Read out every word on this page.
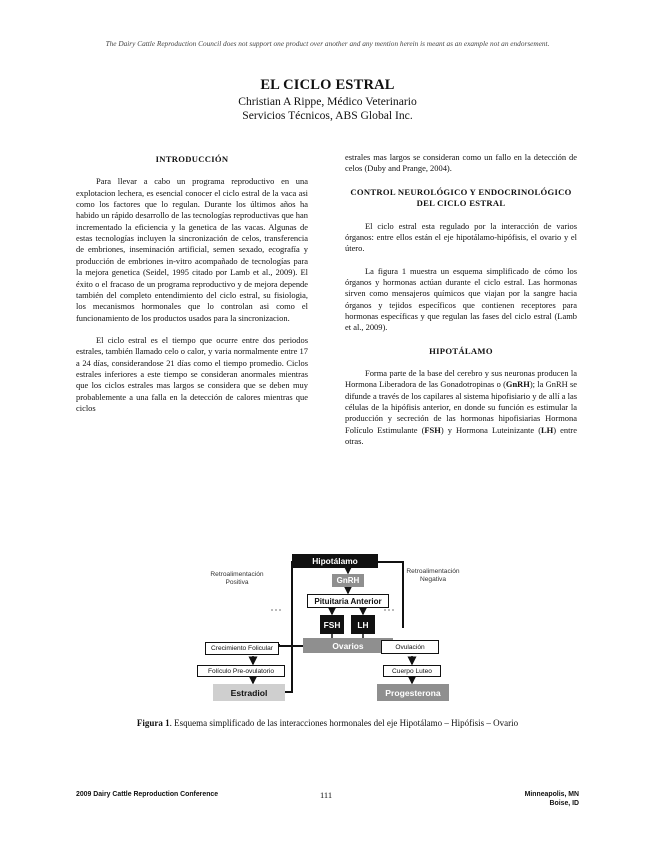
The Dairy Cattle Reproduction Council does not support one product over another and any mention herein is meant as an example not an endorsement.
EL CICLO ESTRAL
Christian A Rippe, Médico Veterinario
Servicios Técnicos, ABS Global Inc.
INTRODUCCIÓN

Para llevar a cabo un programa reproductivo en una explotacion lechera, es esencial conocer el ciclo estral de la vaca asi como los factores que lo regulan. Durante los últimos años ha habido un rápido desarrollo de las tecnologías reproductivas que han incrementado la eficiencia y la genetica de las vacas. Algunas de estas tecnologías incluyen la sincronización de celos, transferencia de embriones, inseminación artificial, semen sexado, ecografía y producción de embriones in-vitro acompañado de tecnologías para la mejora genetica (Seidel, 1995 citado por Lamb et al., 2009). El éxito o el fracaso de un programa reproductivo y de mejora depende también del completo entendimiento del ciclo estral, su fisiologia, los mecanismos hormonales que lo controlan asi como el funcionamiento de los productos usados para la sincronizacion.

El ciclo estral es el tiempo que ocurre entre dos periodos estrales, también llamado celo o calor, y varia normalmente entre 17 a 24 días, considerandose 21 días como el tiempo promedio. Ciclos estrales inferiores a este tiempo se consideran anormales mientras que los ciclos estrales mas largos se considera que se deben muy probablemente a una falla en la detección de calores mientras que ciclos

estrales mas largos se consideran como un fallo en la detección de celos (Duby and Prange, 2004).

CONTROL NEUROLÓGICO Y ENDOCRINOLÓGICO DEL CICLO ESTRAL

El ciclo estral esta regulado por la interacción de varios órganos: entre ellos están el eje hipotálamo-hipófisis, el ovario y el útero.

La figura 1 muestra un esquema simplificado de cómo los órganos y hormonas actúan durante el ciclo estral. Las hormonas sirven como mensajeros químicos que viajan por la sangre hacia órganos y tejidos específicos que contienen receptores para hormonas específicas y que regulan las fases del ciclo estral (Lamb et al., 2009).

HIPOTÁLAMO

Forma parte de la base del cerebro y sus neuronas producen la Hormona Liberadora de las Gonadotropinas o (GnRH); la GnRH se difunde a través de los capilares al sistema hipofisiario y de allí a las células de la hipófisis anterior, en donde su función es estimular la producción y secreción de las hormonas hipofisiarias Hormona Folículo Estimulante (FSH) y Hormona Luteinizante (LH) entre otras.

Hipotálamo
GnRH
Pituitaria Anterior
FSH	LH
Ovarios
Crecimiento Folicular
Folículo Pre-ovulatorio
Estradiol
Ovulación
Cuerpo Luteo
Progesterona
Retroalimentación
Positiva
Retroalimentación
Negativa
Figura 1. Esquema simplificado de las interacciones hormonales del eje Hipotálamo – Hipófisis – Ovario
2009 Dairy Cattle Reproduction Conference	111	Minneapolis, MN
Boise, ID
